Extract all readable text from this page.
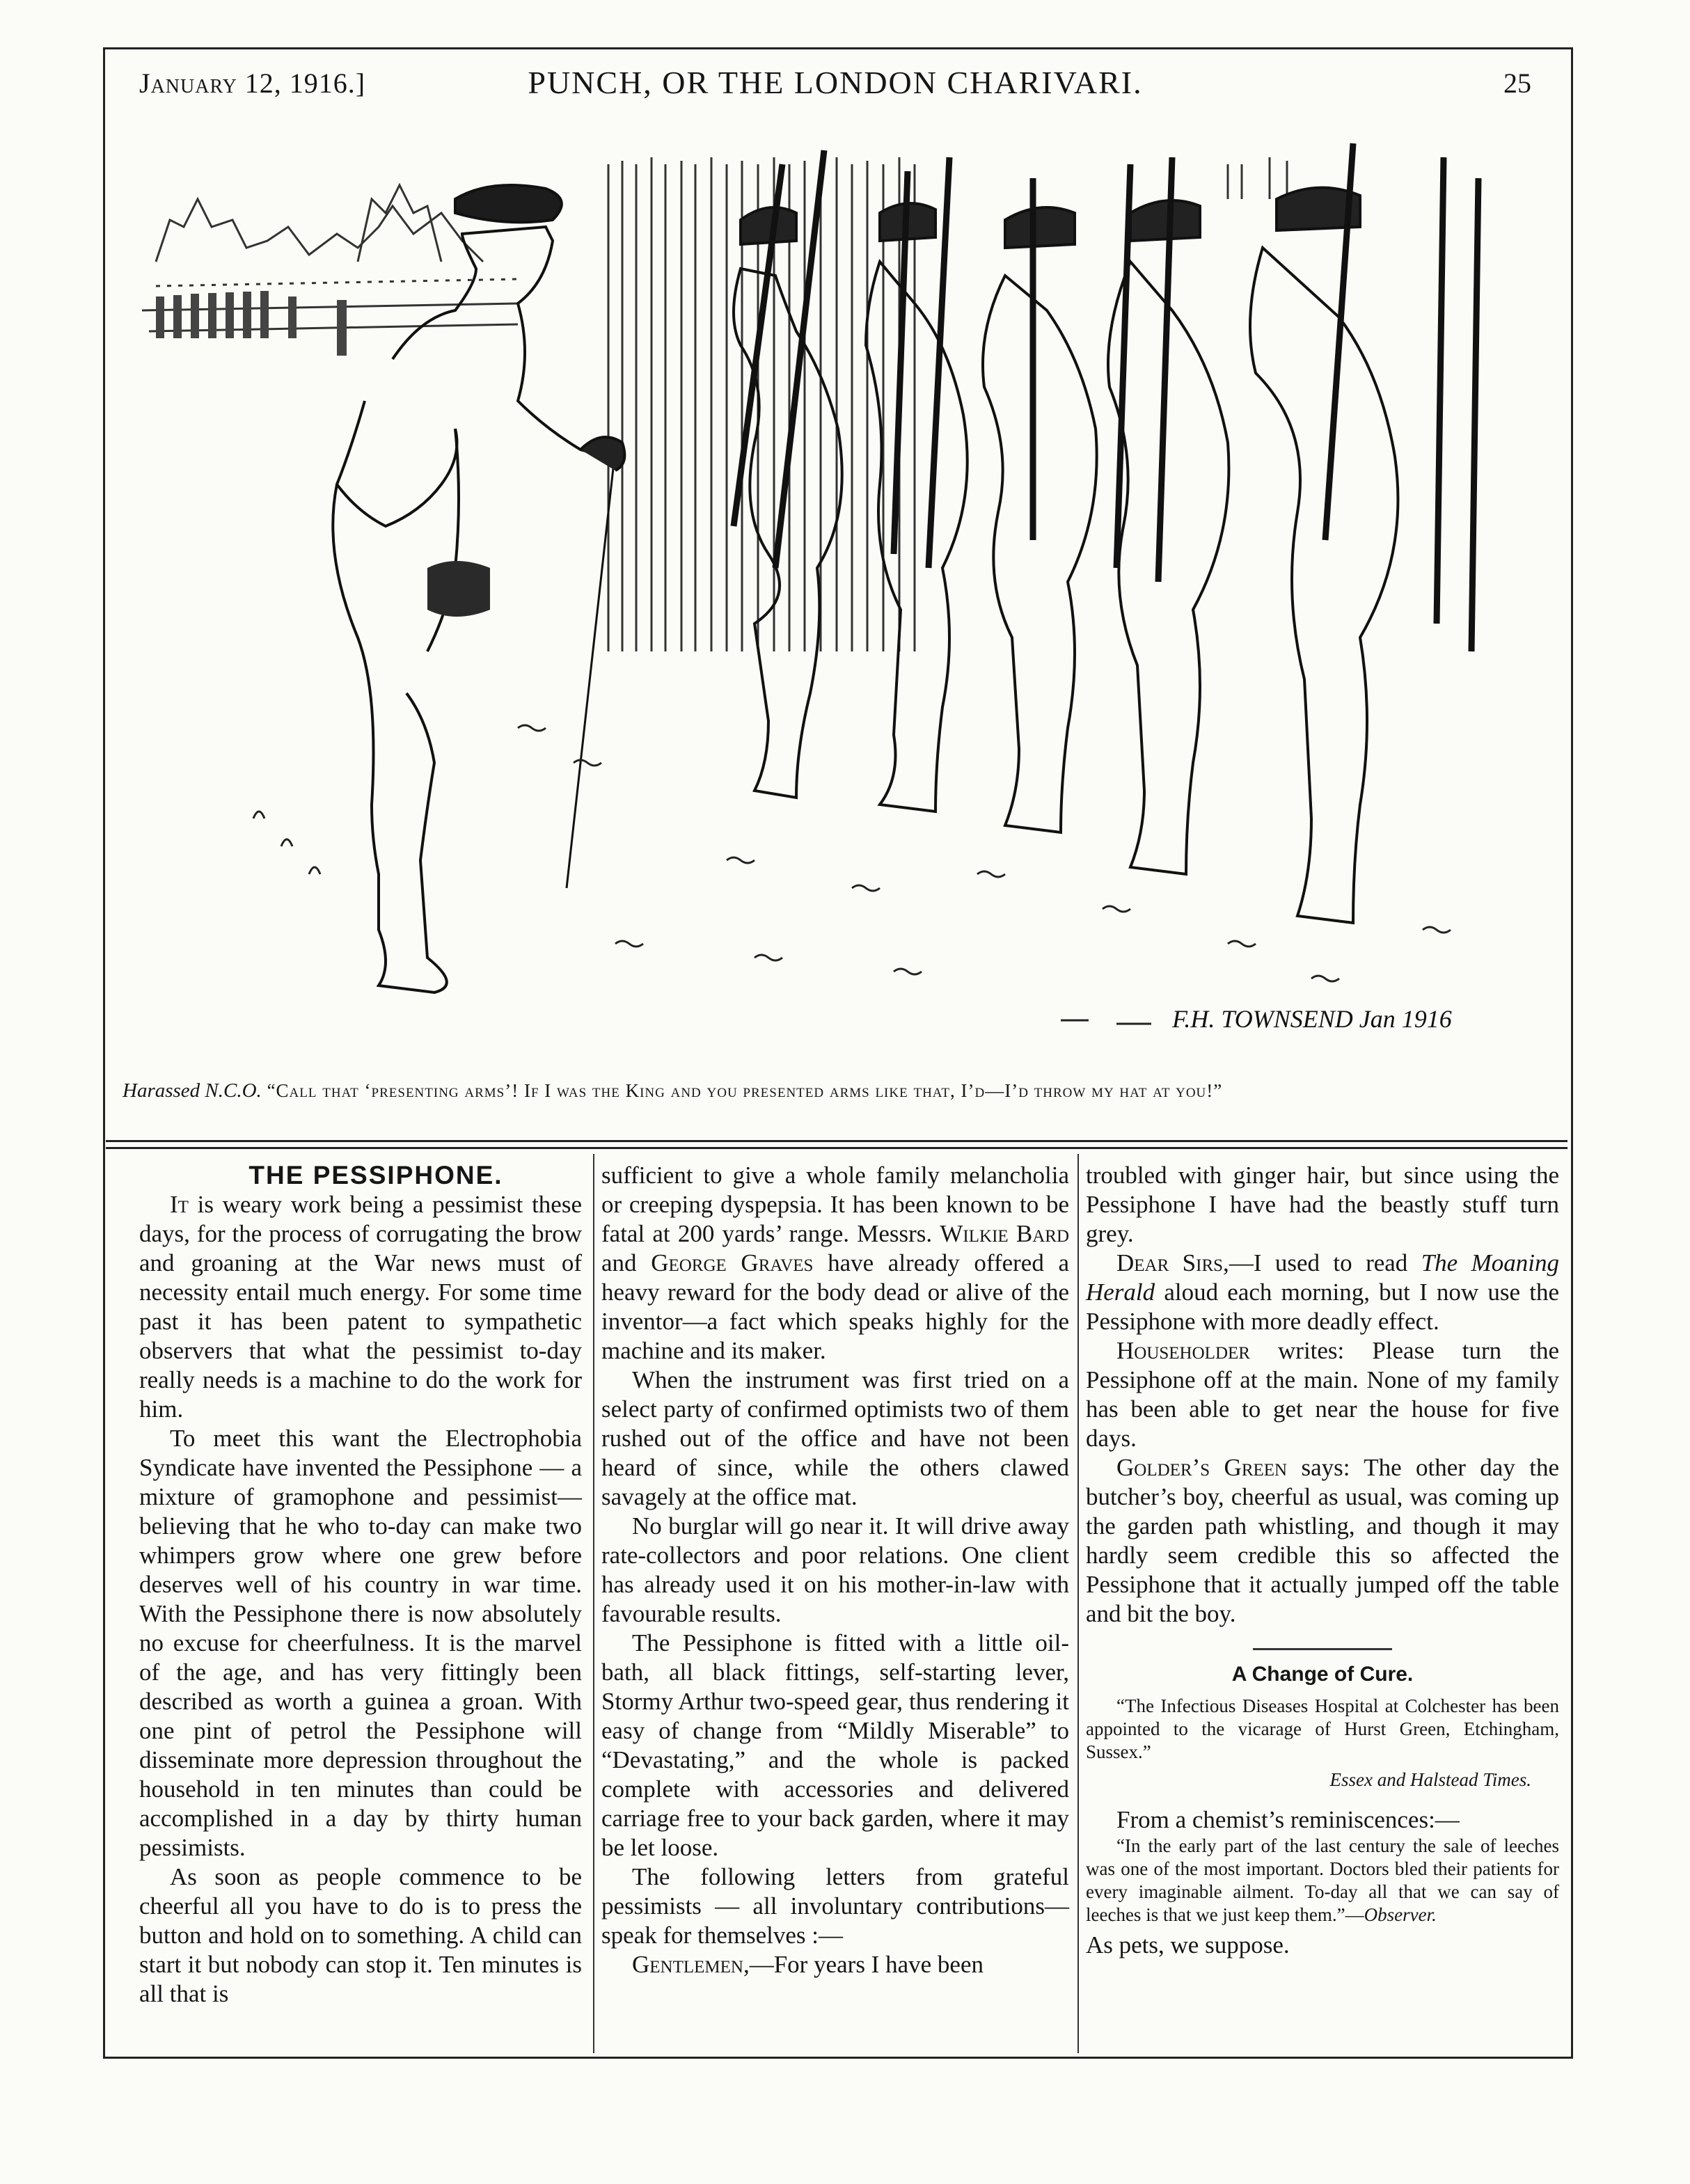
January 12, 1916.]	PUNCH, OR THE LONDON CHARIVARI.	25
F.H. TOWNSEND Jan 1916
Harassed N.C.O. “Call that ‘presenting arms’! If I was the King and you presented arms like that, I’d—I’d throw my hat at you!”

THE PESSIPHONE.

It is weary work being a pessimist these days, for the process of corrugating the brow and groaning at the War news must of necessity entail much energy. For some time past it has been patent to sympathetic observers that what the pessimist to-day really needs is a machine to do the work for him.

To meet this want the Electrophobia Syndicate have invented the Pessiphone — a mixture of gramophone and pessimist—believing that he who to-day can make two whimpers grow where one grew before deserves well of his country in war time. With the Pessiphone there is now absolutely no excuse for cheerfulness. It is the marvel of the age, and has very fittingly been described as worth a guinea a groan. With one pint of petrol the Pessiphone will disseminate more depression throughout the household in ten minutes than could be accomplished in a day by thirty human pessimists.

As soon as people commence to be cheerful all you have to do is to press the button and hold on to something. A child can start it but nobody can stop it. Ten minutes is all that is

sufficient to give a whole family melancholia or creeping dyspepsia. It has been known to be fatal at 200 yards’ range. Messrs. Wilkie Bard and George Graves have already offered a heavy reward for the body dead or alive of the inventor—a fact which speaks highly for the machine and its maker.

When the instrument was first tried on a select party of confirmed optimists two of them rushed out of the office and have not been heard of since, while the others clawed savagely at the office mat.

No burglar will go near it. It will drive away rate-collectors and poor relations. One client has already used it on his mother-in-law with favourable results.

The Pessiphone is fitted with a little oil-bath, all black fittings, self-starting lever, Stormy Arthur two-speed gear, thus rendering it easy of change from “Mildly Miserable” to “Devastating,” and the whole is packed complete with accessories and delivered carriage free to your back garden, where it may be let loose.

The following letters from grateful pessimists — all involuntary contributions—speak for themselves :—

Gentlemen,—For years I have been

troubled with ginger hair, but since using the Pessiphone I have had the beastly stuff turn grey.

Dear Sirs,—I used to read The Moaning Herald aloud each morning, but I now use the Pessiphone with more deadly effect.

Householder writes: Please turn the Pessiphone off at the main. None of my family has been able to get near the house for five days.

Golder’s Green says: The other day the butcher’s boy, cheerful as usual, was coming up the garden path whistling, and though it may hardly seem credible this so affected the Pessiphone that it actually jumped off the table and bit the boy.

A Change of Cure.

“The Infectious Diseases Hospital at Colchester has been appointed to the vicarage of Hurst Green, Etchingham, Sussex.”

Essex and Halstead Times.

From a chemist’s reminiscences:—

“In the early part of the last century the sale of leeches was one of the most important. Doctors bled their patients for every imaginable ailment. To-day all that we can say of leeches is that we just keep them.”—Observer.

As pets, we suppose.
